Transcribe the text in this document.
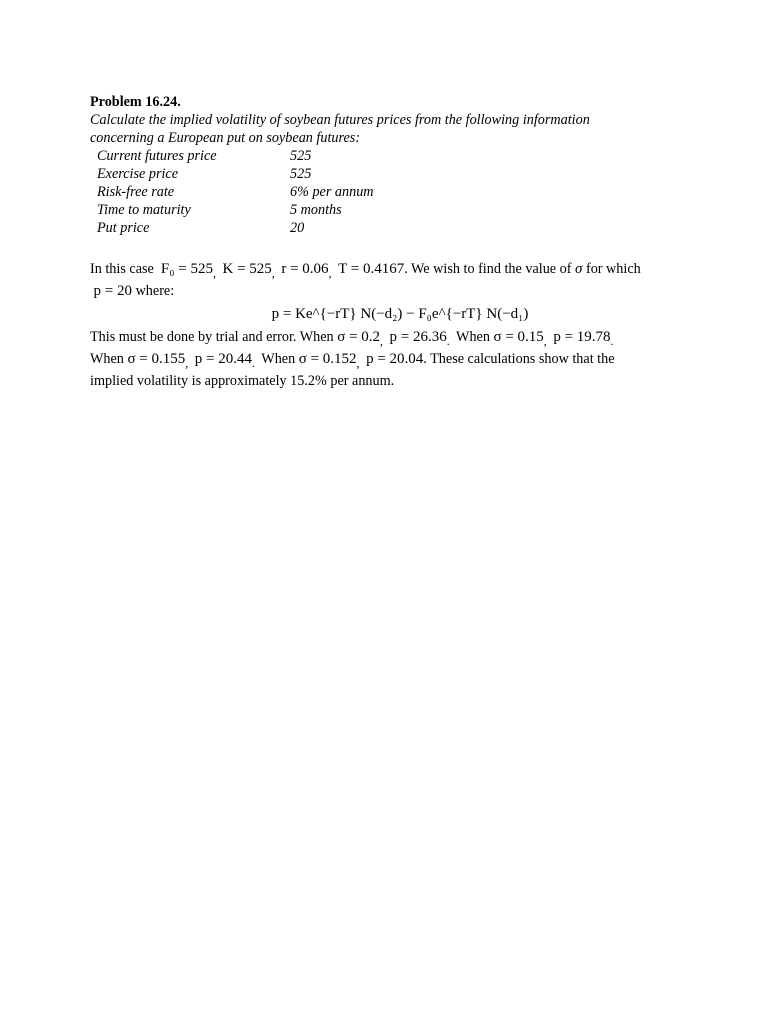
Problem 16.24.

Calculate the implied volatility of soybean futures prices from the following information

concerning a European put on soybean futures:

Current futures price	525
Exercise price	525
Risk-free rate	6% per annum
Time to maturity	5 months
Put price	20
In this case $F_0 = 525_,$ $K = 525_,$ $r = 0.06_,$ T = 0.4167. We wish to find the value of σ for which
p = 20 where:
p = Ke^{−rT} N(−d₂) − F₀e^{−rT} N(−d₁)
This must be done by trial and error. When $\sigma = 0.2_,$ $p = 26.36_.$ When $\sigma = 0.15_,$ $p = 19.78_.$
When $\sigma = 0.155_,$ $p = 20.44_.$ When $\sigma = 0.152_,$ p = 20.04. These calculations show that the
implied volatility is approximately 15.2% per annum.
